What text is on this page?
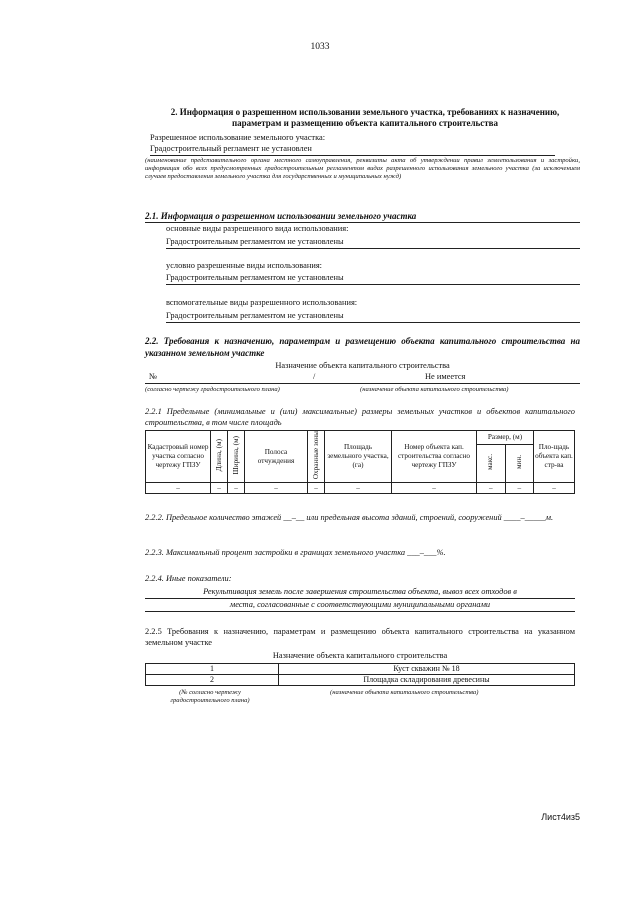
1033
2. Информация о разрешенном использовании земельного участка, требованиях к назначению, параметрам и размещению объекта капитального строительства
Разрешенное использование земельного участка:
Градостроительный регламент не установлен
(наименование представительного органа местного самоуправления, реквизиты акта об утверждении правил землепользования и застройки, информация обо всех предусмотренных градостроительным регламентом видах разрешенного использования земельного участка (за исключением случаев предоставления земельного участка для государственных и муниципальных нужд)
2.1. Информация о разрешенном использовании земельного участка
основные виды разрешенного вида использования:
Градостроительным регламентом не установлены
условно разрешенные виды использования:
Градостроительным регламентом не установлены
вспомогательные виды разрешенного использования:
Градостроительным регламентом не установлены
2.2. Требования к назначению, параметрам и размещению объекта капитального строительства на указанном земельном участке
Назначение объекта капитального строительства
№	/	Не имеется
(согласно чертежу градостроительного плана)	(назначение объекта капитального строительства)
2.2.1 Предельные (минимальные и (или) максимальные) размеры земельных участков и объектов капитального строительства, в том числе площадь
Кадастровый номер участка согласно чертежу ГПЗУ	Длина, (м)	Ширина, (м)	Полоса отчуждения	Охранные зоны	Площадь земельного участка, (га)	Номер объекта кап. строительства согласно чертежу ГПЗУ	Размер, (м)		Пло-щадь объекта кап. стр-ва
							макс.	мин.	
–	–	–	–	–	–	–	–	–	–
2.2.2. Предельное количество этажей __–__ или предельная высота зданий, строений, сооружений ____–_____м.
2.2.3. Максимальный процент застройки в границах земельного участка ___–___%.
2.2.4. Иные показатели:
Рекультивация земель после завершения строительства объекта, вывоз всех отходов в
места, согласованные с соответствующими муниципальными органами
2.2.5 Требования к назначению, параметрам и размещению объекта капитального строительства на указанном земельном участке
Назначение объекта капитального строительства
1	Куст скважин № 18
2	Площадка складирования древесины
(№ согласно чертежу градостроительного плана)
(назначение объекта капитального строительства)
Лист4из5
